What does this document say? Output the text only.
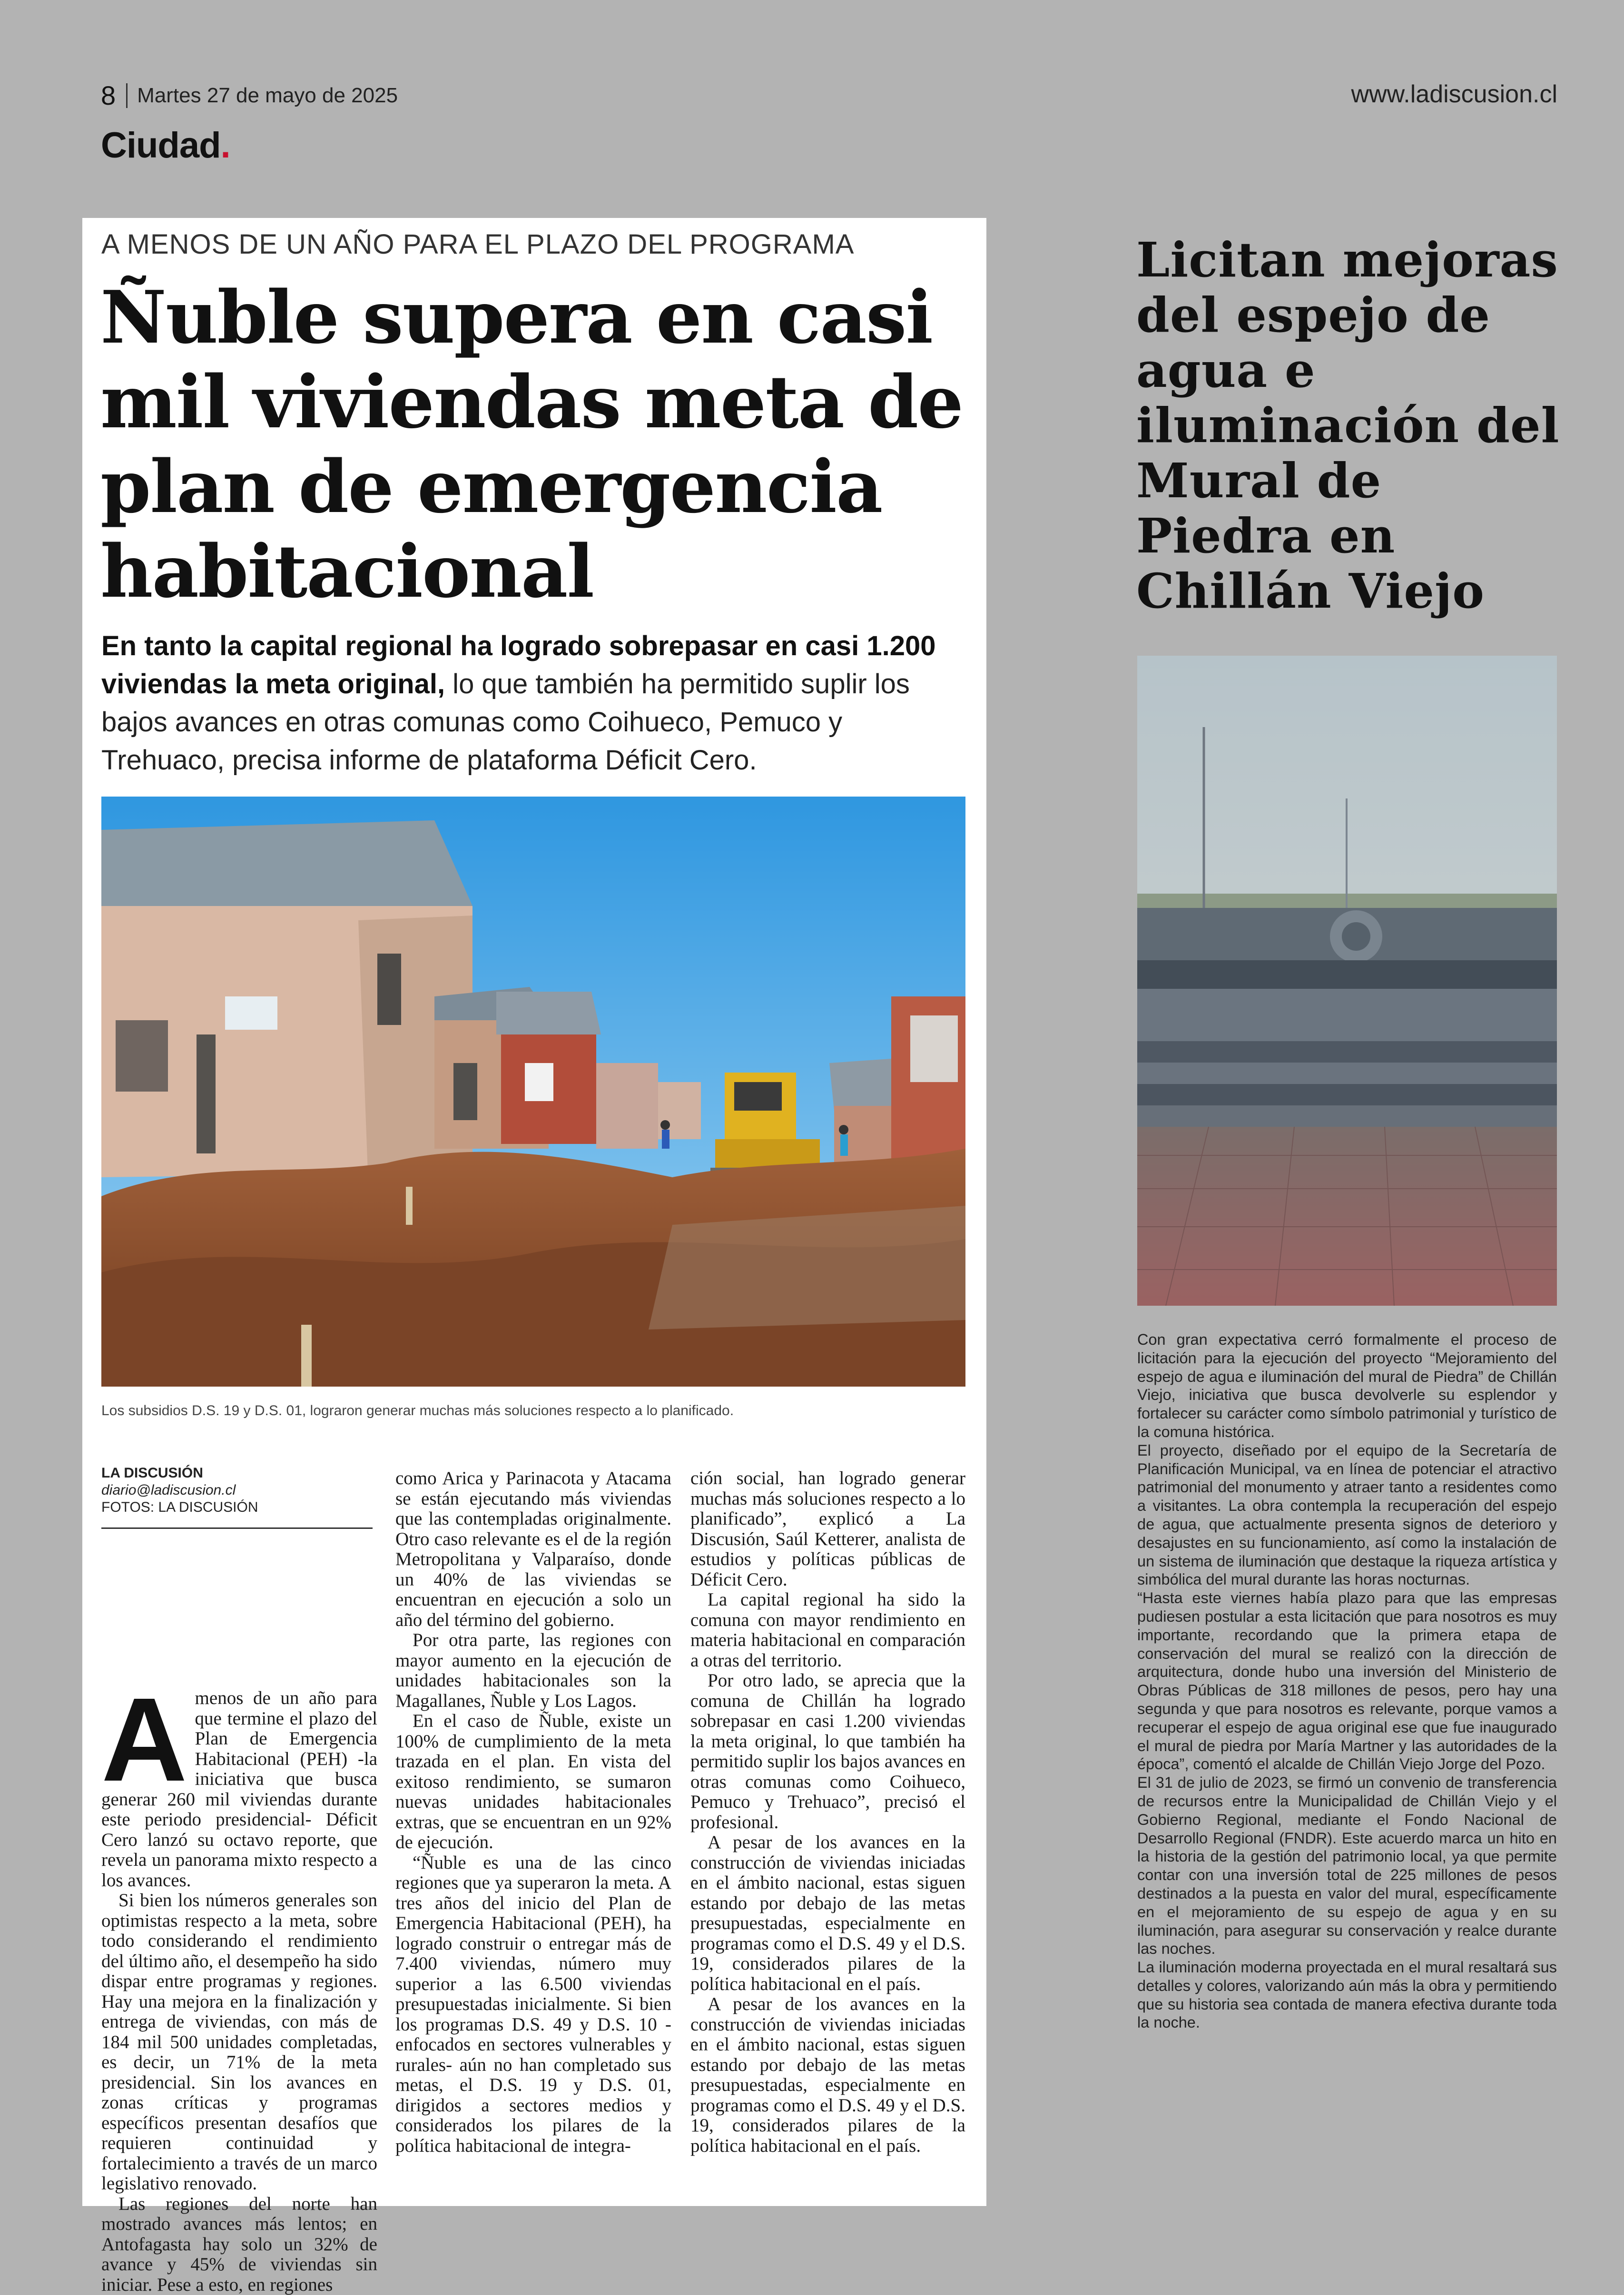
8 Martes 27 de mayo de 2025	www.ladiscusion.cl
Ciudad.
A MENOS DE UN AÑO PARA EL PLAZO DEL PROGRAMA
Ñuble supera en casi mil viviendas meta de plan de emergencia habitacional
En tanto la capital regional ha logrado sobrepasar en casi 1.200 viviendas la meta original, lo que también ha permitido suplir los bajos avances en otras comunas como Coihueco, Pemuco y Trehuaco, precisa informe de plataforma Déficit Cero.
Los subsidios D.S. 19 y D.S. 01, lograron generar muchas más soluciones respecto a lo planificado.
LA DISCUSIÓN
diario@ladiscusion.cl
FOTOS: LA DISCUSIÓN

Amenos de un año para que termine el plazo del Plan de Emergencia Habitacional (PEH) -la iniciativa que busca generar 260 mil viviendas durante este periodo presidencial- Déficit Cero lanzó su octavo reporte, que revela un panorama mixto respecto a los avances.

Si bien los números generales son optimistas respecto a la meta, sobre todo considerando el rendimiento del último año, el desempeño ha sido dispar entre programas y regiones. Hay una mejora en la finalización y entrega de viviendas, con más de 184 mil 500 unidades completadas, es decir, un 71% de la meta presidencial. Sin los avances en zonas críticas y programas específicos presentan desafíos que requieren continuidad y fortalecimiento a través de un marco legislativo renovado.

Las regiones del norte han mostrado avances más lentos; en Antofagasta hay solo un 32% de avance y 45% de viviendas sin iniciar. Pese a esto, en regiones

como Arica y Parinacota y Atacama se están ejecutando más viviendas que las contempladas originalmente. Otro caso relevante es el de la región Metropolitana y Valparaíso, donde un 40% de las viviendas se encuentran en ejecución a solo un año del término del gobierno.

Por otra parte, las regiones con mayor aumento en la ejecución de unidades habitacionales son la Magallanes, Ñuble y Los Lagos.

En el caso de Ñuble, existe un 100% de cumplimiento de la meta trazada en el plan. En vista del exitoso rendimiento, se sumaron nuevas unidades habitacionales extras, que se encuentran en un 92% de ejecución.

“Ñuble es una de las cinco regiones que ya superaron la meta. A tres años del inicio del Plan de Emergencia Habitacional (PEH), ha logrado construir o entregar más de 7.400 viviendas, número muy superior a las 6.500 viviendas presupuestadas inicialmente. Si bien los programas D.S. 49 y D.S. 10 -enfocados en sectores vulnerables y rurales- aún no han completado sus metas, el D.S. 19 y D.S. 01, dirigidos a sectores medios y considerados los pilares de la política habitacional de integra-

ción social, han logrado generar muchas más soluciones respecto a lo planificado”, explicó a La Discusión, Saúl Ketterer, analista de estudios y políticas públicas de Déficit Cero.

La capital regional ha sido la comuna con mayor rendimiento en materia habitacional en comparación a otras del territorio.

Por otro lado, se aprecia que la comuna de Chillán ha logrado sobrepasar en casi 1.200 viviendas la meta original, lo que también ha permitido suplir los bajos avances en otras comunas como Coihueco, Pemuco y Trehuaco”, precisó el profesional.

A pesar de los avances en la construcción de viviendas iniciadas en el ámbito nacional, estas siguen estando por debajo de las metas presupuestadas, especialmente en programas como el D.S. 49 y el D.S. 19, considerados pilares de la política habitacional en el país.

A pesar de los avances en la construcción de viviendas iniciadas en el ámbito nacional, estas siguen estando por debajo de las metas presupuestadas, especialmente en programas como el D.S. 49 y el D.S. 19, considerados pilares de la política habitacional en el país.

Licitan mejoras del espejo de agua e iluminación del Mural de Piedra en Chillán Viejo

Con gran expectativa cerró formalmente el proceso de licitación para la ejecución del proyecto “Mejoramiento del espejo de agua e iluminación del mural de Piedra” de Chillán Viejo, iniciativa que busca devolverle su esplendor y fortalecer su carácter como símbolo patrimonial y turístico de la comuna histórica.

El proyecto, diseñado por el equipo de la Secretaría de Planificación Municipal, va en línea de potenciar el atractivo patrimonial del monumento y atraer tanto a residentes como a visitantes. La obra contempla la recuperación del espejo de agua, que actualmente presenta signos de deterioro y desajustes en su funcionamiento, así como la instalación de un sistema de iluminación que destaque la riqueza artística y simbólica del mural durante las horas nocturnas.

“Hasta este viernes había plazo para que las empresas pudiesen postular a esta licitación que para nosotros es muy importante, recordando que la primera etapa de conservación del mural se realizó con la dirección de arquitectura, donde hubo una inversión del Ministerio de Obras Públicas de 318 millones de pesos, pero hay una segunda y que para nosotros es relevante, porque vamos a recuperar el espejo de agua original ese que fue inaugurado el mural de piedra por María Martner y las autoridades de la época”, comentó el alcalde de Chillán Viejo Jorge del Pozo.

El 31 de julio de 2023, se firmó un convenio de transferencia de recursos entre la Municipalidad de Chillán Viejo y el Gobierno Regional, mediante el Fondo Nacional de Desarrollo Regional (FNDR). Este acuerdo marca un hito en la historia de la gestión del patrimonio local, ya que permite contar con una inversión total de 225 millones de pesos destinados a la puesta en valor del mural, específicamente en el mejoramiento de su espejo de agua y en su iluminación, para asegurar su conservación y realce durante las noches.

La iluminación moderna proyectada en el mural resaltará sus detalles y colores, valorizando aún más la obra y permitiendo que su historia sea contada de manera efectiva durante toda la noche.
